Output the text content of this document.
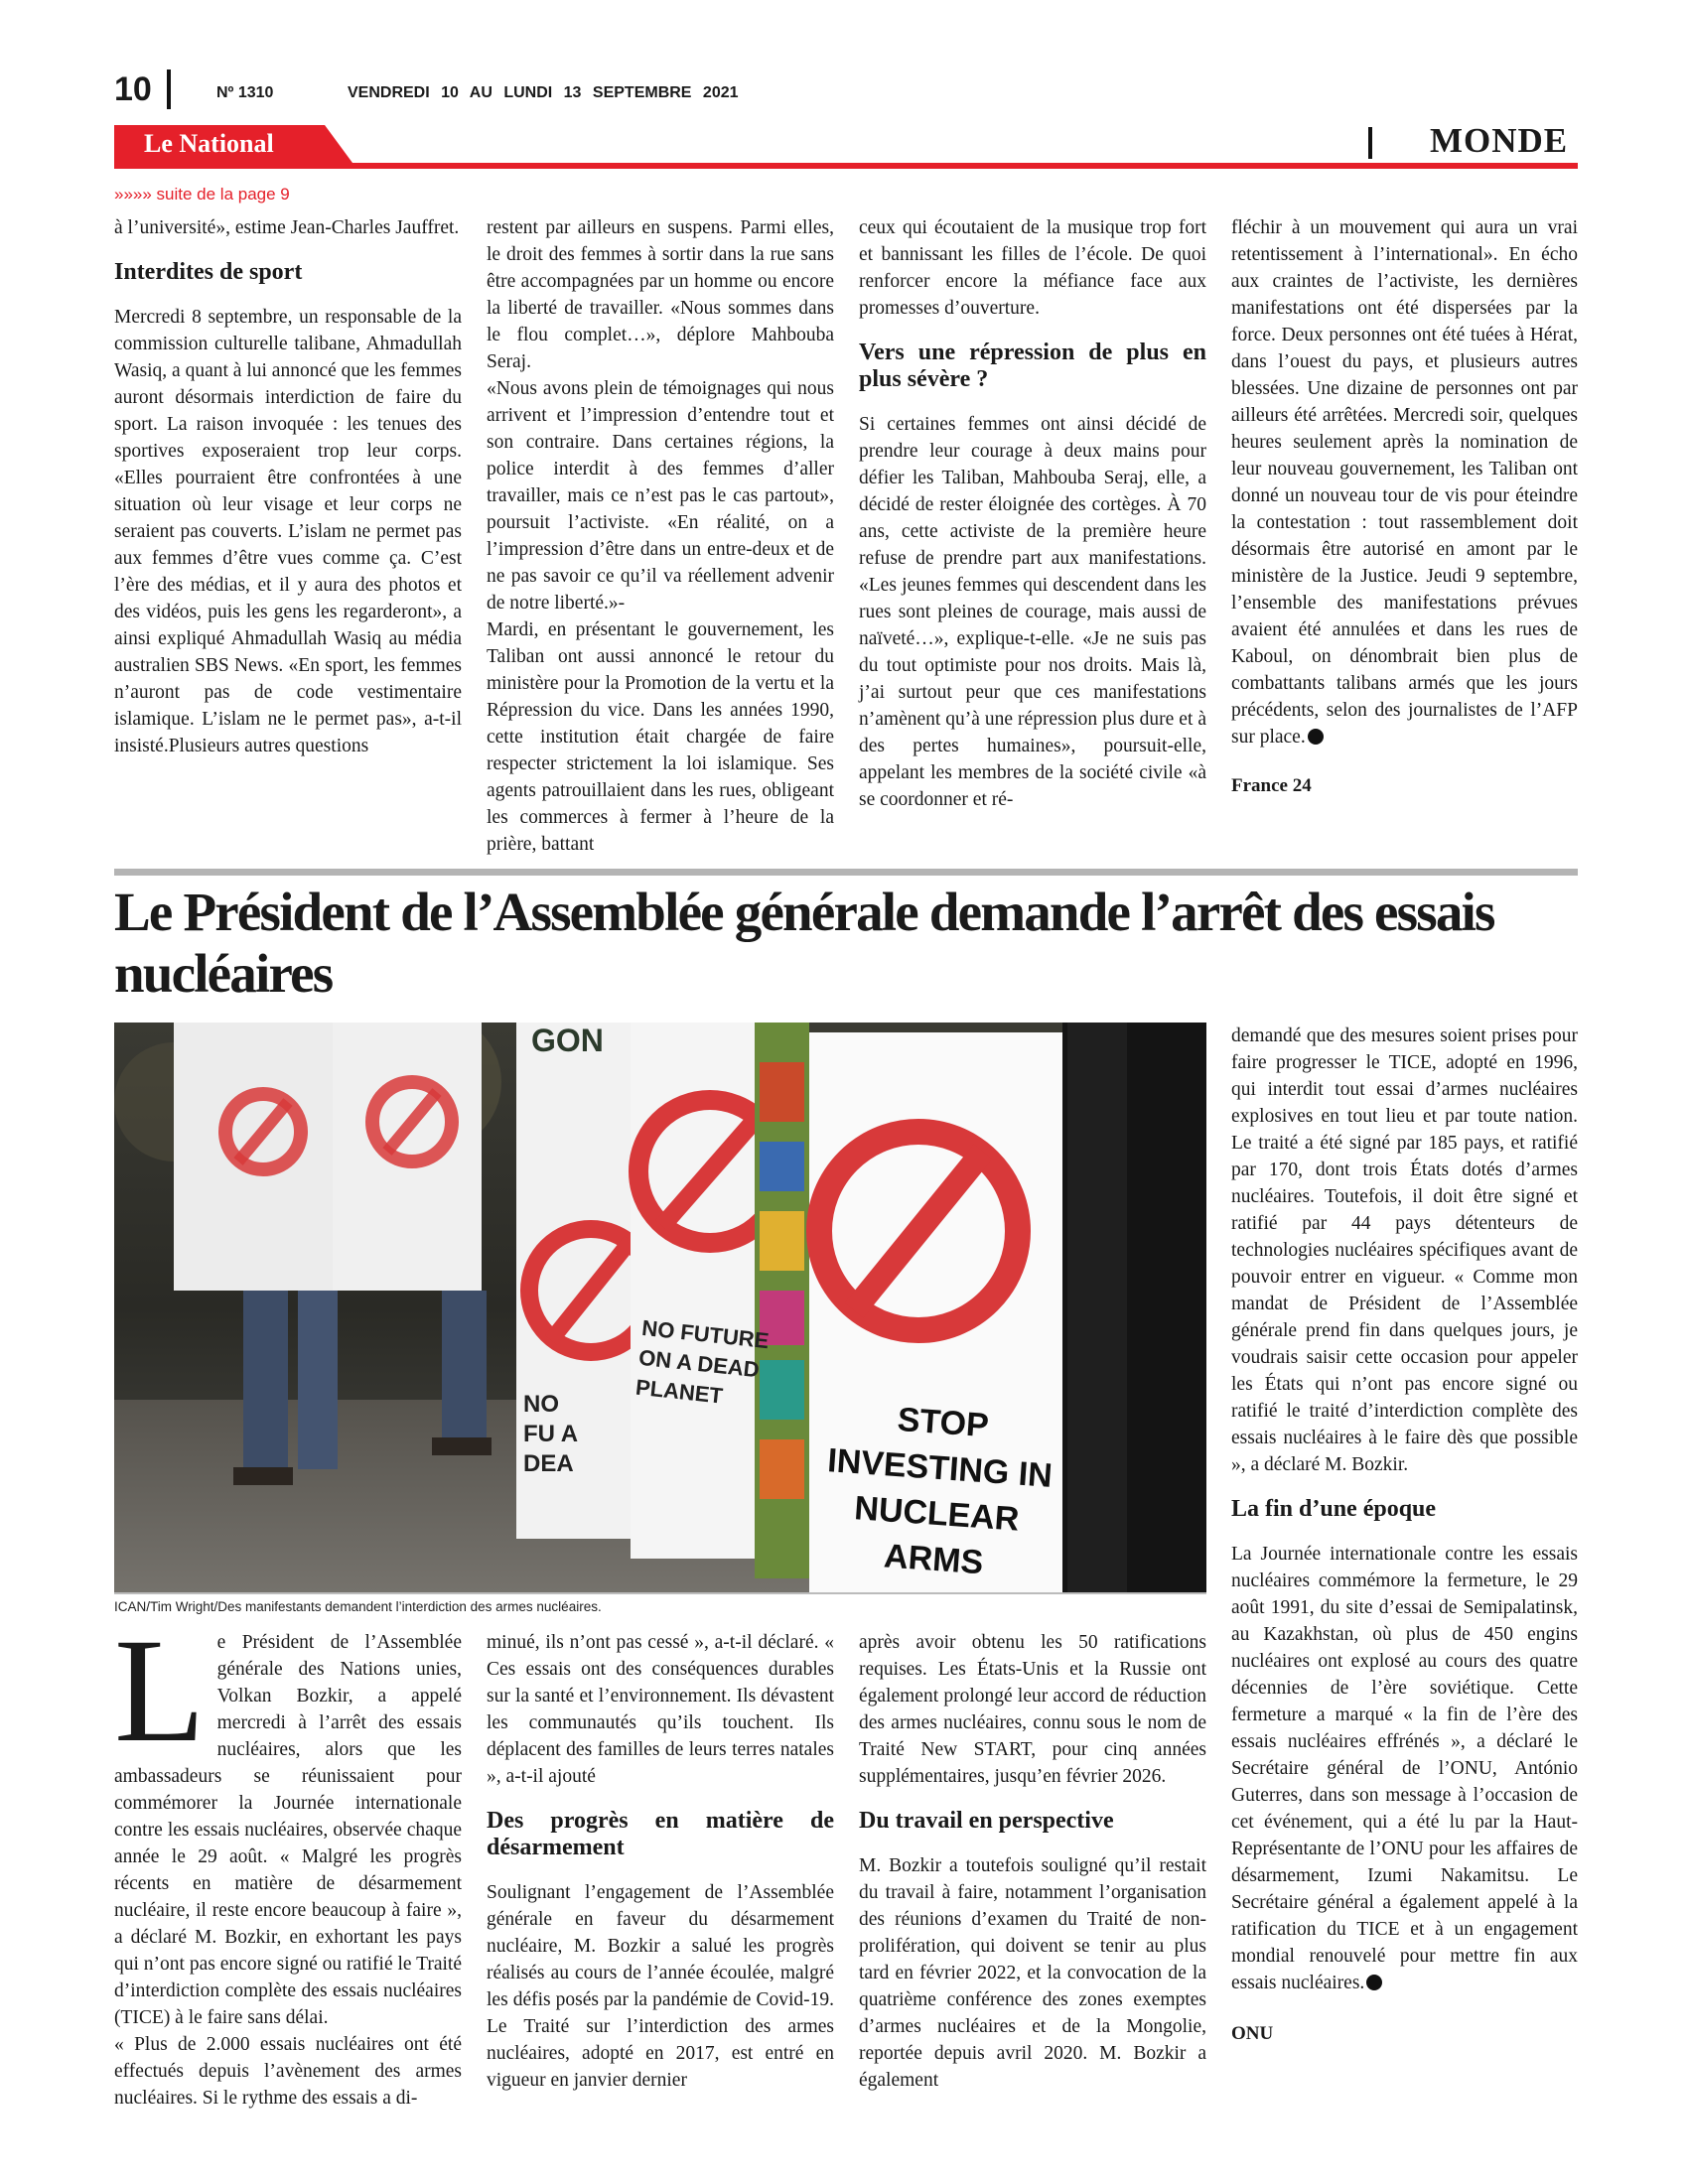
10	Nº 1310	VENDREDI 10 AU LUNDI 13 SEPTEMBRE 2021
Le National	MONDE
»»»» suite de la page 9

à l’université», estime Jean-Charles Jauffret.

Interdites de sport

Mercredi 8 septembre, un responsable de la commission culturelle talibane, Ahmadullah Wasiq, a quant à lui annoncé que les femmes auront désormais interdiction de faire du sport. La raison invoquée : les tenues des sportives exposeraient trop leur corps. «Elles pourraient être confrontées à une situation où leur visage et leur corps ne seraient pas couverts. L’islam ne permet pas aux femmes d’être vues comme ça. C’est l’ère des médias, et il y aura des photos et des vidéos, puis les gens les regarderont», a ainsi expliqué Ahmadullah Wasiq au média australien SBS News. «En sport, les femmes n’auront pas de code vestimentaire islamique. L’islam ne le permet pas», a-t-il insisté.Plusieurs autres questions

restent par ailleurs en suspens. Parmi elles, le droit des femmes à sortir dans la rue sans être accompagnées par un homme ou encore la liberté de travailler. «Nous sommes dans le flou complet…», déplore Mahbouba Seraj.

«Nous avons plein de témoignages qui nous arrivent et l’impression d’entendre tout et son contraire. Dans certaines régions, la police interdit à des femmes d’aller travailler, mais ce n’est pas le cas partout», poursuit l’activiste. «En réalité, on a l’impression d’être dans un entre-deux et de ne pas savoir ce qu’il va réellement advenir de notre liberté.»-

Mardi, en présentant le gouvernement, les Taliban ont aussi annoncé le retour du ministère pour la Promotion de la vertu et la Répression du vice. Dans les années 1990, cette institution était chargée de faire respecter strictement la loi islamique. Ses agents patrouillaient dans les rues, obligeant les commerces à fermer à l’heure de la prière, battant

ceux qui écoutaient de la musique trop fort et bannissant les filles de l’école. De quoi renforcer encore la méfiance face aux promesses d’ouverture.

Vers une répression de plus en plus sévère ?

Si certaines femmes ont ainsi décidé de prendre leur courage à deux mains pour défier les Taliban, Mahbouba Seraj, elle, a décidé de rester éloignée des cortèges. À 70 ans, cette activiste de la première heure refuse de prendre part aux manifestations. «Les jeunes femmes qui descendent dans les rues sont pleines de courage, mais aussi de naïveté…», explique-t-elle. «Je ne suis pas du tout optimiste pour nos droits. Mais là, j’ai surtout peur que ces manifestations n’amènent qu’à une répression plus dure et à des pertes humaines», poursuit-elle, appelant les membres de la société civile «à se coordonner et ré-

fléchir à un mouvement qui aura un vrai retentissement à l’international». En écho aux craintes de l’activiste, les dernières manifestations ont été dispersées par la force. Deux personnes ont été tuées à Hérat, dans l’ouest du pays, et plusieurs autres blessées. Une dizaine de personnes ont par ailleurs été arrêtées. Mercredi soir, quelques heures seulement après la nomination de leur nouveau gouvernement, les Taliban ont donné un nouveau tour de vis pour éteindre la contestation : tout rassemblement doit désormais être autorisé en amont par le ministère de la Justice. Jeudi 9 septembre, l’ensemble des manifestations prévues avaient été annulées et dans les rues de Kaboul, on dénombrait bien plus de combattants talibans armés que les jours précédents, selon des journalistes de l’AFP sur place.

France 24

Le Président de l’Assemblée générale demande l’arrêt des essais nucléaires
GON
NO FU A DEA
NO FUTURE ON A DEAD PLANET
STOP INVESTING IN NUCLEAR ARMS
ICAN/Tim Wright/Des manifestants demandent l’interdiction des armes nucléaires.

Le Président de l’Assemblée générale des Nations unies, Volkan Bozkir, a appelé mercredi à l’arrêt des essais nucléaires, alors que les ambassadeurs se réunissaient pour commémorer la Journée internationale contre les essais nucléaires, observée chaque année le 29 août. « Malgré les progrès récents en matière de désarmement nucléaire, il reste encore beaucoup à faire », a déclaré M. Bozkir, en exhortant les pays qui n’ont pas encore signé ou ratifié le Traité d’interdiction complète des essais nucléaires (TICE) à le faire sans délai.

« Plus de 2.000 essais nucléaires ont été effectués depuis l’avènement des armes nucléaires. Si le rythme des essais a di-

minué, ils n’ont pas cessé », a-t-il déclaré. « Ces essais ont des conséquences durables sur la santé et l’environnement. Ils dévastent les communautés qu’ils touchent. Ils déplacent des familles de leurs terres natales », a-t-il ajouté

Des progrès en matière de désarmement

Soulignant l’engagement de l’Assemblée générale en faveur du désarmement nucléaire, M. Bozkir a salué les progrès réalisés au cours de l’année écoulée, malgré les défis posés par la pandémie de Covid-19. Le Traité sur l’interdiction des armes nucléaires, adopté en 2017, est entré en vigueur en janvier dernier

après avoir obtenu les 50 ratifications requises. Les États-Unis et la Russie ont également prolongé leur accord de réduction des armes nucléaires, connu sous le nom de Traité New START, pour cinq années supplémentaires, jusqu’en février 2026.

Du travail en perspective

M. Bozkir a toutefois souligné qu’il restait du travail à faire, notamment l’organisation des réunions d’examen du Traité de non-prolifération, qui doivent se tenir au plus tard en février 2022, et la convocation de la quatrième conférence des zones exemptes d’armes nucléaires et de la Mongolie, reportée depuis avril 2020. M. Bozkir a également

demandé que des mesures soient prises pour faire progresser le TICE, adopté en 1996, qui interdit tout essai d’armes nucléaires explosives en tout lieu et par toute nation. Le traité a été signé par 185 pays, et ratifié par 170, dont trois États dotés d’armes nucléaires. Toutefois, il doit être signé et ratifié par 44 pays détenteurs de technologies nucléaires spécifiques avant de pouvoir entrer en vigueur. « Comme mon mandat de Président de l’Assemblée générale prend fin dans quelques jours, je voudrais saisir cette occasion pour appeler les États qui n’ont pas encore signé ou ratifié le traité d’interdiction complète des essais nucléaires à le faire dès que possible », a déclaré M. Bozkir.

La fin d’une époque

La Journée internationale contre les essais nucléaires commémore la fermeture, le 29 août 1991, du site d’essai de Semipalatinsk, au Kazakhstan, où plus de 450 engins nucléaires ont explosé au cours des quatre décennies de l’ère soviétique. Cette fermeture a marqué « la fin de l’ère des essais nucléaires effrénés », a déclaré le Secrétaire général de l’ONU, António Guterres, dans son message à l’occasion de cet événement, qui a été lu par la Haut-Représentante de l’ONU pour les affaires de désarmement, Izumi Nakamitsu. Le Secrétaire général a également appelé à la ratification du TICE et à un engagement mondial renouvelé pour mettre fin aux essais nucléaires.

ONU
